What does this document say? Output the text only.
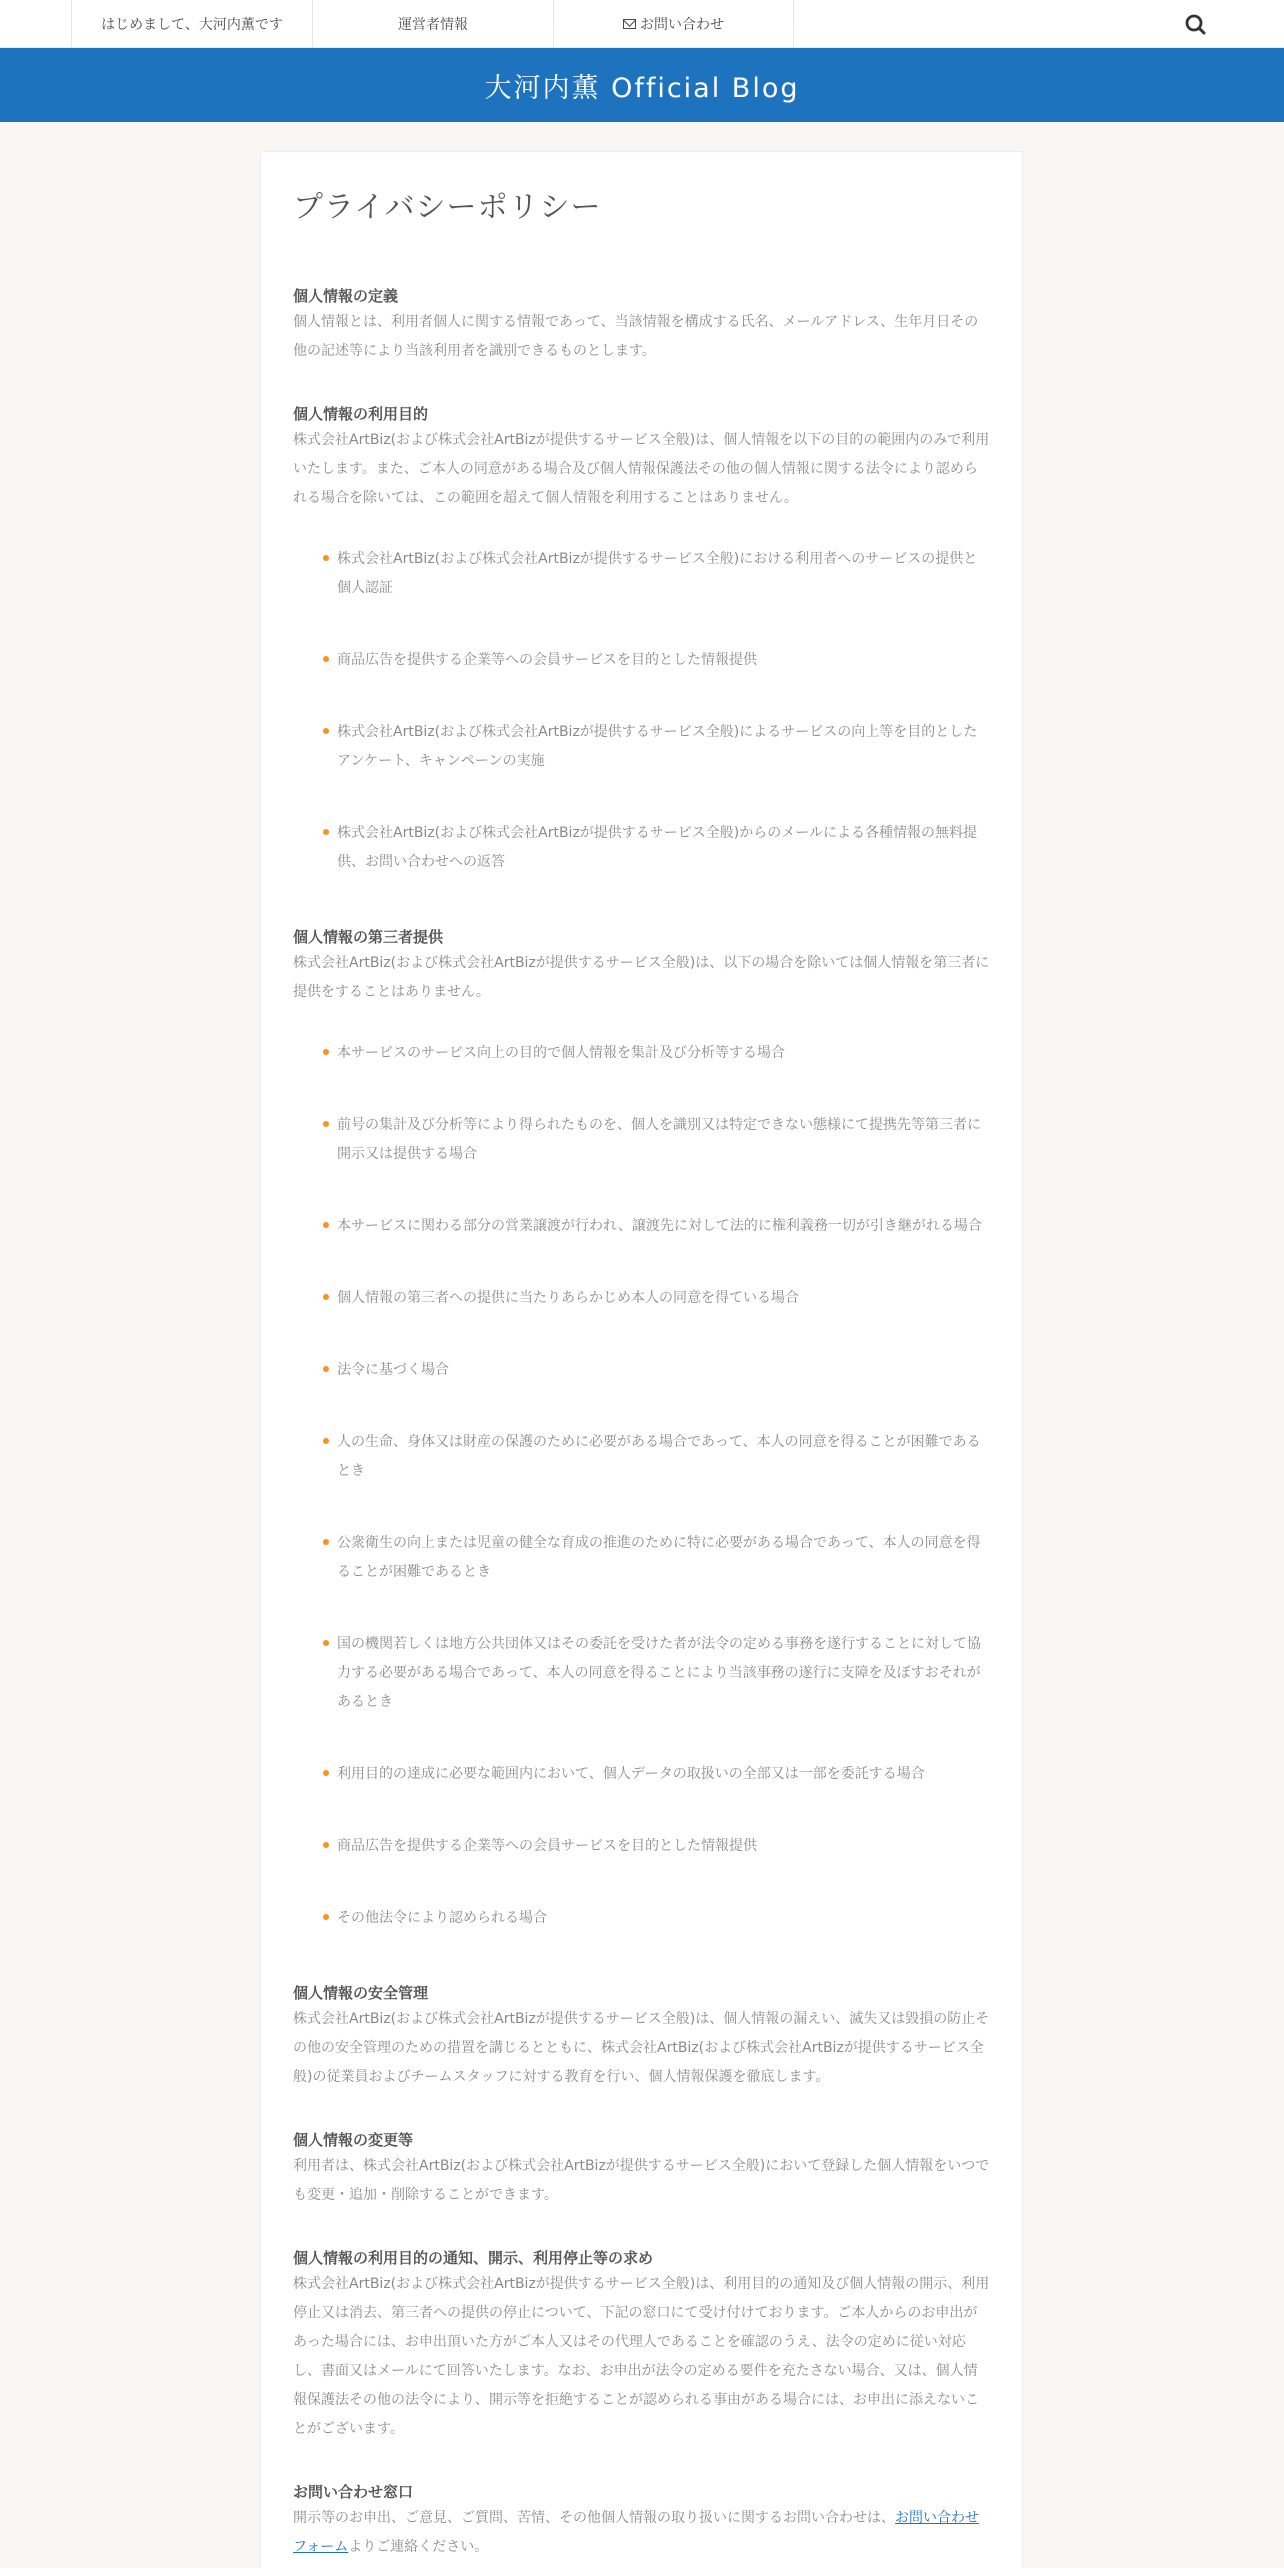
はじめまして、大河内薫です	運営者情報	お問い合わせ
大河内薫 Official Blog
プライバシーポリシー
個人情報の定義

個人情報とは、利用者個人に関する情報であって、当該情報を構成する氏名、メールアドレス、生年月日その他の記述等により当該利用者を識別できるものとします。

個人情報の利用目的

株式会社ArtBiz(および株式会社ArtBizが提供するサービス全般)は、個人情報を以下の目的の範囲内のみで利用いたします。また、ご本人の同意がある場合及び個人情報保護法その他の個人情報に関する法令により認められる場合を除いては、この範囲を超えて個人情報を利用することはありません。

株式会社ArtBiz(および株式会社ArtBizが提供するサービス全般)における利用者へのサービスの提供と個人認証
商品広告を提供する企業等への会員サービスを目的とした情報提供
株式会社ArtBiz(および株式会社ArtBizが提供するサービス全般)によるサービスの向上等を目的としたアンケート、キャンペーンの実施
株式会社ArtBiz(および株式会社ArtBizが提供するサービス全般)からのメールによる各種情報の無料提供、お問い合わせへの返答
個人情報の第三者提供

株式会社ArtBiz(および株式会社ArtBizが提供するサービス全般)は、以下の場合を除いては個人情報を第三者に提供をすることはありません。

本サービスのサービス向上の目的で個人情報を集計及び分析等する場合
前号の集計及び分析等により得られたものを、個人を識別又は特定できない態様にて提携先等第三者に開示又は提供する場合
本サービスに関わる部分の営業譲渡が行われ、譲渡先に対して法的に権利義務一切が引き継がれる場合
個人情報の第三者への提供に当たりあらかじめ本人の同意を得ている場合
法令に基づく場合
人の生命、身体又は財産の保護のために必要がある場合であって、本人の同意を得ることが困難であるとき
公衆衛生の向上または児童の健全な育成の推進のために特に必要がある場合であって、本人の同意を得ることが困難であるとき
国の機関若しくは地方公共団体又はその委託を受けた者が法令の定める事務を遂行することに対して協力する必要がある場合であって、本人の同意を得ることにより当該事務の遂行に支障を及ぼすおそれがあるとき
利用目的の達成に必要な範囲内において、個人データの取扱いの全部又は一部を委託する場合
商品広告を提供する企業等への会員サービスを目的とした情報提供
その他法令により認められる場合
個人情報の安全管理

株式会社ArtBiz(および株式会社ArtBizが提供するサービス全般)は、個人情報の漏えい、滅失又は毀損の防止その他の安全管理のための措置を講じるとともに、株式会社ArtBiz(および株式会社ArtBizが提供するサービス全般)の従業員およびチームスタッフに対する教育を行い、個人情報保護を徹底します。

個人情報の変更等

利用者は、株式会社ArtBiz(および株式会社ArtBizが提供するサービス全般)において登録した個人情報をいつでも変更・追加・削除することができます。

個人情報の利用目的の通知、開示、利用停止等の求め

株式会社ArtBiz(および株式会社ArtBizが提供するサービス全般)は、利用目的の通知及び個人情報の開示、利用停止又は消去、第三者への提供の停止について、下記の窓口にて受け付けております。ご本人からのお申出があった場合には、お申出頂いた方がご本人又はその代理人であることを確認のうえ、法令の定めに従い対応し、書面又はメールにて回答いたします。なお、お申出が法令の定める要件を充たさない場合、又は、個人情報保護法その他の法令により、開示等を拒絶することが認められる事由がある場合には、お申出に添えないことがございます。

お問い合わせ窓口

開示等のお申出、ご意見、ご質問、苦情、その他個人情報の取り扱いに関するお問い合わせは、お問い合わせフォームよりご連絡ください。
